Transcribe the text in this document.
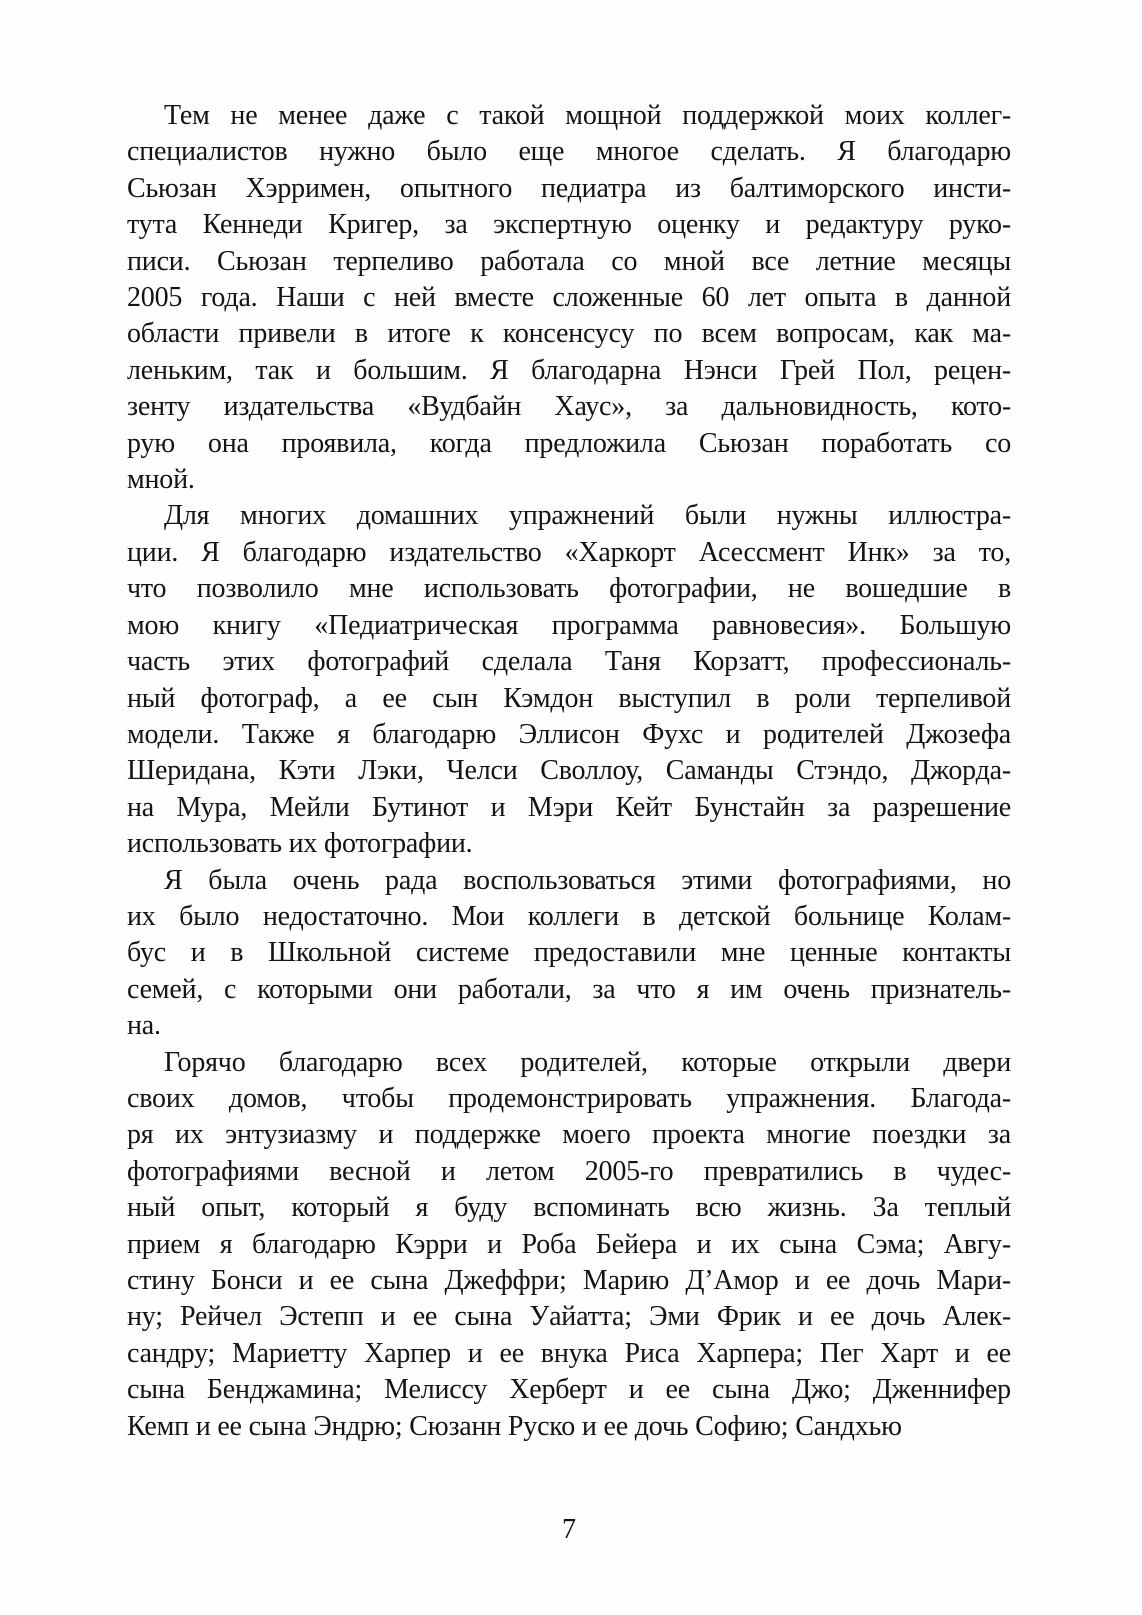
Тем не менее даже с такой мощной поддержкой моих коллег-
специалистов нужно было еще многое сделать. Я благодарю
Сьюзан Хэрримен, опытного педиатра из балтиморского инсти-
тута Кеннеди Кригер, за экспертную оценку и редактуру руко-
писи. Сьюзан терпеливо работала со мной все летние месяцы
2005 года. Наши с ней вместе сложенные 60 лет опыта в данной
области привели в итоге к консенсусу по всем вопросам, как ма-
леньким, так и большим. Я благодарна Нэнси Грей Пол, рецен-
зенту издательства «Вудбайн Хаус», за дальновидность, кото-
рую она проявила, когда предложила Сьюзан поработать со
мной.
Для многих домашних упражнений были нужны иллюстра-
ции. Я благодарю издательство «Харкорт Асессмент Инк» за то,
что позволило мне использовать фотографии, не вошедшие в
мою книгу «Педиатрическая программа равновесия». Большую
часть этих фотографий сделала Таня Корзатт, профессиональ-
ный фотограф, а ее сын Кэмдон выступил в роли терпеливой
модели. Также я благодарю Эллисон Фухс и родителей Джозефа
Шеридана, Кэти Лэки, Челси Своллоу, Саманды Стэндо, Джорда-
на Мура, Мейли Бутинот и Мэри Кейт Бунстайн за разрешение
использовать их фотографии.
Я была очень рада воспользоваться этими фотографиями, но
их было недостаточно. Мои коллеги в детской больнице Колам-
бус и в Школьной системе предоставили мне ценные контакты
семей, с которыми они работали, за что я им очень признатель-
на.
Горячо благодарю всех родителей, которые открыли двери
своих домов, чтобы продемонстрировать упражнения. Благода-
ря их энтузиазму и поддержке моего проекта многие поездки за
фотографиями весной и летом 2005-го превратились в чудес-
ный опыт, который я буду вспоминать всю жизнь. За теплый
прием я благодарю Кэрри и Роба Бейера и их сына Сэма; Авгу-
стину Бонси и ее сына Джеффри; Марию Д’Амор и ее дочь Мари-
ну; Рейчел Эстепп и ее сына Уайатта; Эми Фрик и ее дочь Алек-
сандру; Мариетту Харпер и ее внука Риса Харпера; Пег Харт и ее
сына Бенджамина; Мелиссу Херберт и ее сына Джо; Дженнифер
Кемп и ее сына Эндрю; Сюзанн Руско и ее дочь Софию; Сандхью
7
